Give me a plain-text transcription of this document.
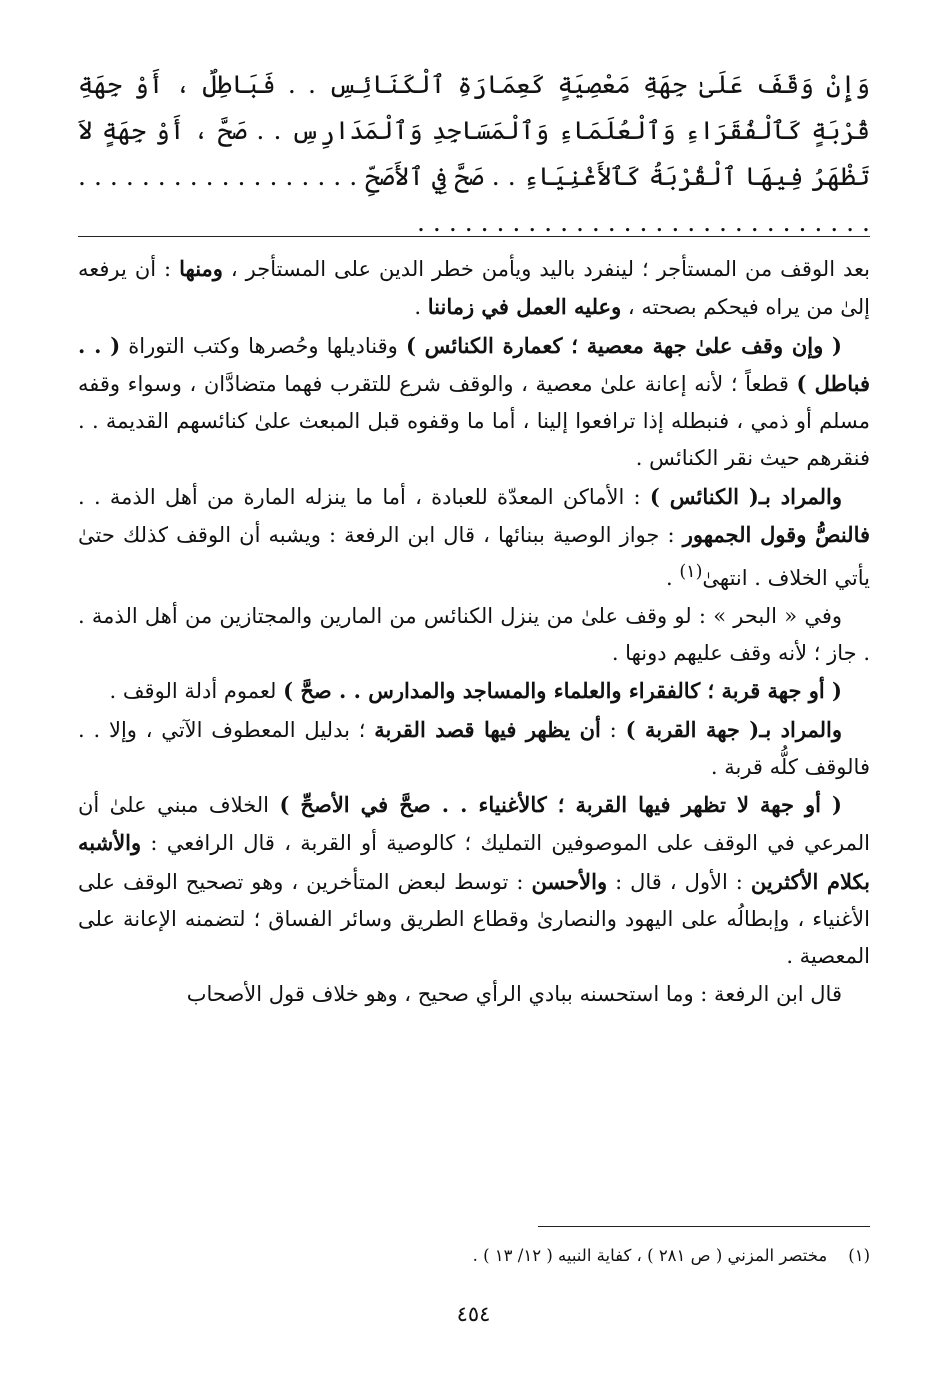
وَإِنْ وَقَفَ عَلَىٰ جِهَةِ مَعْصِيَةٍ كَعِمَارَةِ ٱلْكَنَائِسِ . . فَبَاطِلٌ ، أَوْ جِهَةِ قُرْبَةٍ كَٱلْفُقَرَاءِ وَٱلْعُلَمَاءِ وَٱلْمَسَاجِدِ وَٱلْمَدَارِسِ . . صَحَّ ، أَوْ جِهَةٍ لاَ تَظْهَرُ فِيهَا ٱلْقُرْبَةُ كَٱلأَغْنِيَاءِ . . صَحَّ فِي ٱلأَصَحِّ . . . . . . . . . . . . . . . . . . . . . . . . . . . . . . . . . . . . . . . . . . . . . . .

بعد الوقف من المستأجر ؛ لينفرد باليد ويأمن خطر الدين على المستأجر ، ومنها : أن يرفعه إلىٰ من يراه فيحكم بصحته ، وعليه العمل في زماننا .

( وإن وقف علىٰ جهة معصية ؛ كعمارة الكنائس ) وقناديلها وحُصرها وكتب التوراة ( . . فباطل ) قطعاً ؛ لأنه إعانة علىٰ معصية ، والوقف شرع للتقرب فهما متضادَّان ، وسواء وقفه مسلم أو ذمي ، فنبطله إذا ترافعوا إلينا ، أما ما وقفوه قبل المبعث علىٰ كنائسهم القديمة . . فنقرهم حيث نقر الكنائس .

والمراد بـ( الكنائس ) : الأماكن المعدّة للعبادة ، أما ما ينزله المارة من أهل الذمة . . فالنصُّ وقول الجمهور : جواز الوصية ببنائها ، قال ابن الرفعة : ويشبه أن الوقف كذلك حتىٰ يأتي الخلاف . انتهىٰ$^{(١)}$ .

وفي « البحر » : لو وقف علىٰ من ينزل الكنائس من المارين والمجتازين من أهل الذمة . . جاز ؛ لأنه وقف عليهم دونها .

( أو جهة قربة ؛ كالفقراء والعلماء والمساجد والمدارس . . صحَّ ) لعموم أدلة الوقف .

والمراد بـ( جهة القربة ) : أن يظهر فيها قصد القربة ؛ بدليل المعطوف الآتي ، وإلا . . فالوقف كلُّه قربة .

( أو جهة لا تظهر فيها القربة ؛ كالأغنياء . . صحَّ في الأصحِّ ) الخلاف مبني علىٰ أن المرعي في الوقف على الموصوفين التمليك ؛ كالوصية أو القربة ، قال الرافعي : والأشبه بكلام الأكثرين : الأول ، قال : والأحسن : توسط لبعض المتأخرين ، وهو تصحيح الوقف على الأغنياء ، وإبطالُه على اليهود والنصارىٰ وقطاع الطريق وسائر الفساق ؛ لتضمنه الإعانة على المعصية .

قال ابن الرفعة : وما استحسنه ببادي الرأي صحيح ، وهو خلاف قول الأصحاب

(١)    مختصر المزني ( ص ٢٨١ ) ، كفاية النبيه ( ١٢/ ١٣ ) .
٤٥٤
